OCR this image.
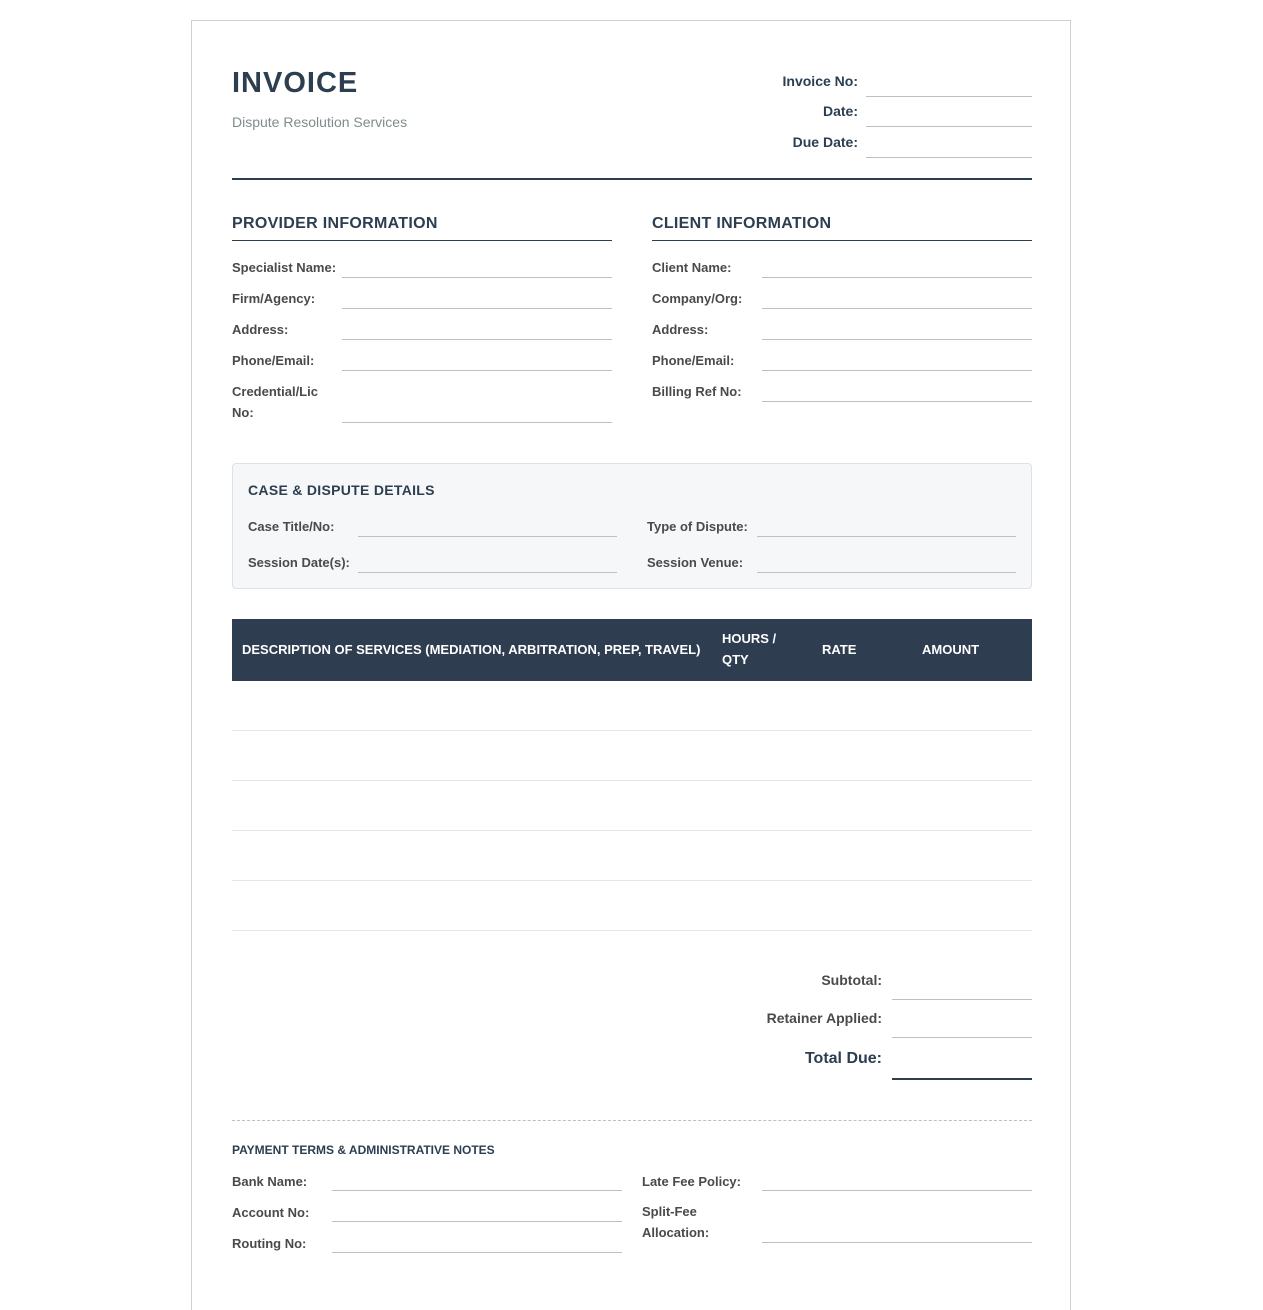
INVOICE
Dispute Resolution Services
Invoice No:
Date:
Due Date:
PROVIDER INFORMATION
Specialist Name:
Firm/Agency:
Address:
Phone/Email:
Credential/Lic No:
CLIENT INFORMATION
Client Name:
Company/Org:
Address:
Phone/Email:
Billing Ref No:
CASE & DISPUTE DETAILS
Case Title/No:
Session Date(s):
Type of Dispute:
Session Venue:
DESCRIPTION OF SERVICES (MEDIATION, ARBITRATION, PREP, TRAVEL)
HOURS / QTY
RATE	AMOUNT
Subtotal:
Retainer Applied:
Total Due:
PAYMENT TERMS & ADMINISTRATIVE NOTES
Bank Name:
Account No:
Routing No:
Late Fee Policy:
Split-Fee Allocation:
